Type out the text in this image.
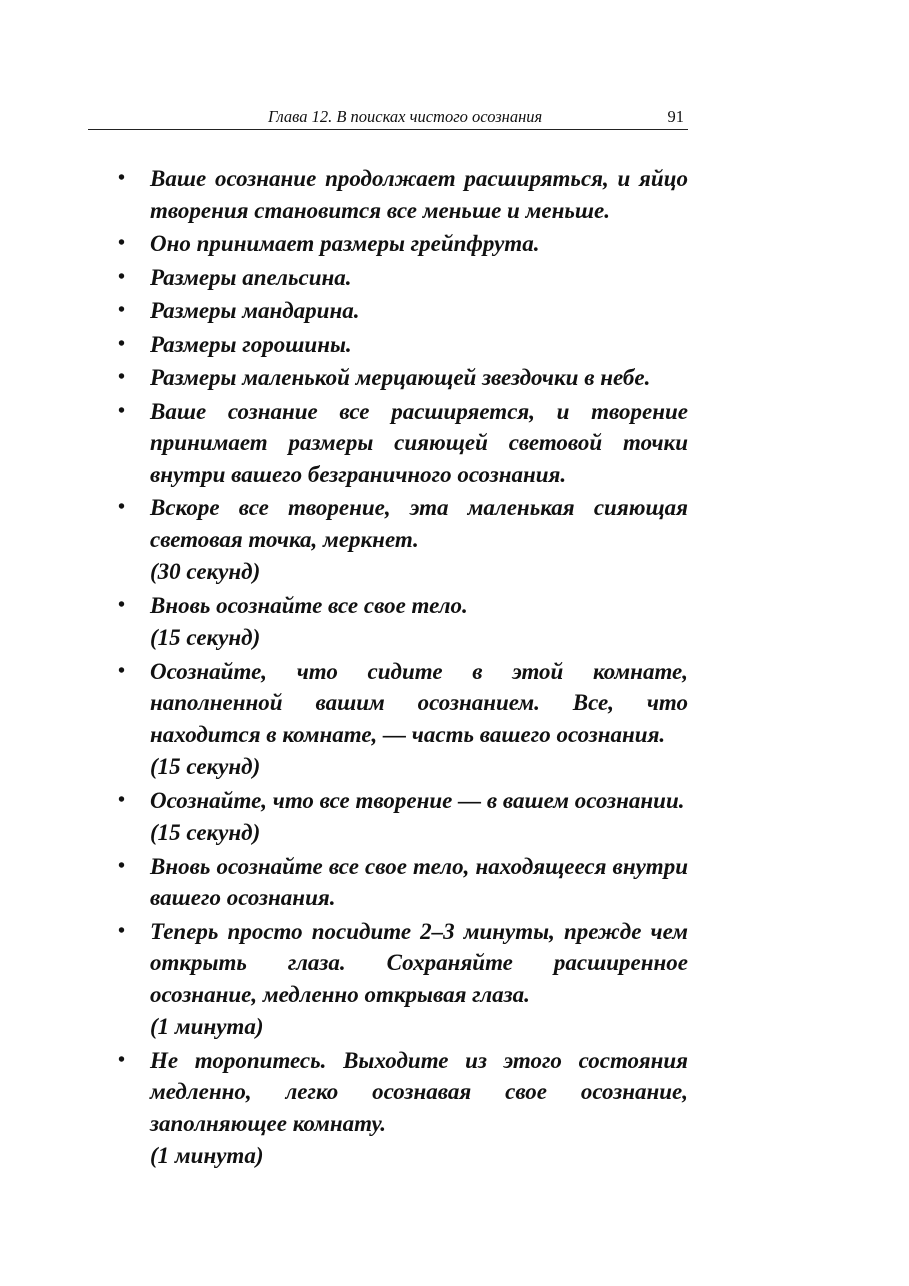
Глава 12. В поисках чистого осознания	91
• Ваше осознание продолжает расширяться, и яйцо творения становится все меньше и меньше.
• Оно принимает размеры грейпфрута.
• Размеры апельсина.
• Размеры мандарина.
• Размеры горошины.
• Размеры маленькой мерцающей звездочки в небе.
• Ваше сознание все расширяется, и творение принимает размеры сияющей световой точки внутри вашего безграничного осознания.
• Вскоре все творение, эта маленькая сияющая световая точка, меркнет.
(30 секунд)
• Вновь осознайте все свое тело.
(15 секунд)
• Осознайте, что сидите в этой комнате, наполненной вашим осознанием. Все, что находится в комнате, — часть вашего осознания.
(15 секунд)
• Осознайте, что все творение — в вашем осознании.
(15 секунд)
• Вновь осознайте все свое тело, находящееся внутри вашего осознания.
• Теперь просто посидите 2–3 минуты, прежде чем открыть глаза. Сохраняйте расширенное осознание, медленно открывая глаза.
(1 минута)
• Не торопитесь. Выходите из этого состояния медленно, легко осознавая свое осознание, заполняющее комнату.
(1 минута)
